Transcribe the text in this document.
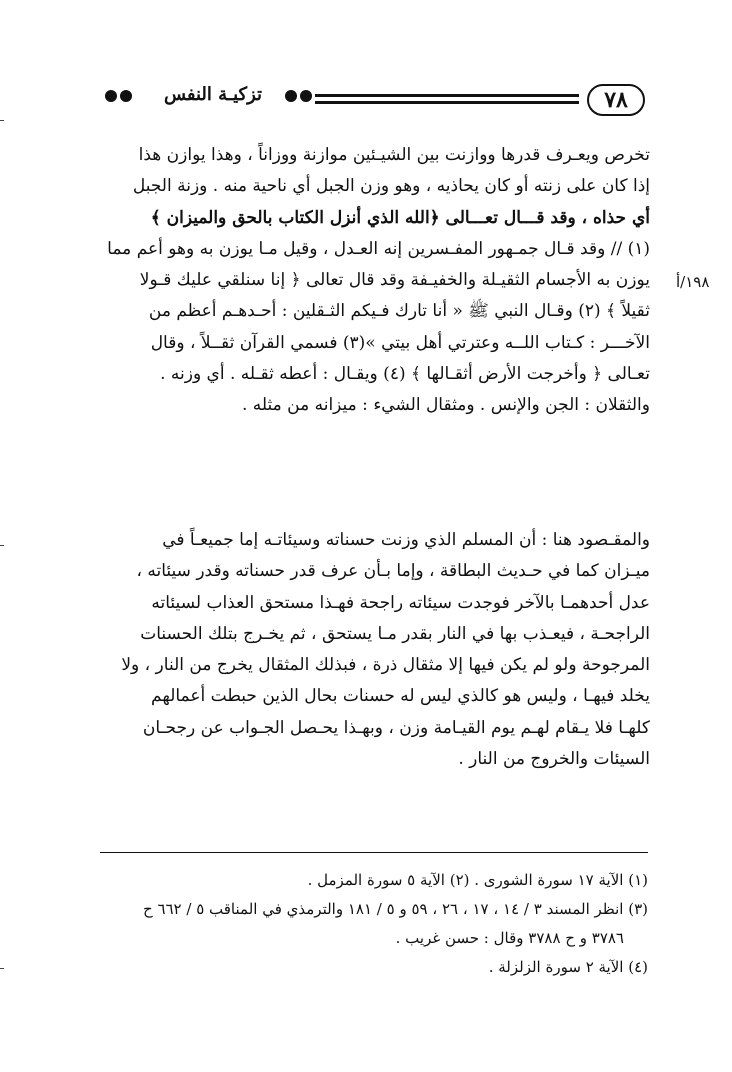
٧٨
تزكيـة النفس
١٩٨/أ
تخرص ويعـرف قدرها ووازنت بين الشيـئين موازنة ووزاناً ، وهذا يوازن هذا
إذا كان على زنته أو كان يحاذيه ، وهو وزن الجبل أي ناحية منه . وزنة الجبل
أي حذاه ، وقد قـــال تعـــالى ﴿الله الذي أنزل الكتاب بالحق والميزان ﴾
(١) // وقد قـال جمـهور المفـسرين إنه العـدل ، وقيل مـا يوزن به وهو أعم مما
يوزن به الأجسام الثقيـلة والخفيـفة وقد قال تعالى ﴿ إنا سنلقي عليك قـولا
ثقيلاً ﴾ (٢) وقـال النبي ﷺ « أنا تارك فـيكم الثـقلين : أحـدهـم أعظم من
الآخـــر : كـتاب اللــه وعترتي أهل بيتي »(٣) فسمي القرآن ثقــلاً ، وقال
تعـالى ﴿ وأخرجت الأرض أثقـالها ﴾ (٤) ويقـال : أعطه ثقـله . أي وزنه .
والثقلان : الجن والإنس . ومثقال الشيء : ميزانه من مثله .
والمقـصود هنا : أن المسلم الذي وزنت حسناته وسيئاتـه إما جميعـاً في
ميـزان كما في حـديث البطاقة ، وإما بـأن عرف قدر حسناته وقدر سيئاته ،
عدل أحدهمـا بالآخر فوجدت سيئاته راجحة فهـذا مستحق العذاب لسيئاته
الراجحـة ، فيعـذب بها في النار بقدر مـا يستحق ، ثم يخـرج بتلك الحسنات
المرجوحة ولو لم يكن فيها إلا مثقال ذرة ، فبذلك المثقال يخرج من النار ، ولا
يخلد فيهـا ، وليس هو كالذي ليس له حسنات بحال الذين حبطت أعمالهم
كلهـا فلا يـقام لهـم يوم القيـامة وزن ، وبهـذا يحـصل الجـواب عن رجحـان
السيئات والخروج من النار .
(١) الآية ١٧ سورة الشورى . (٢) الآية ٥ سورة المزمل .
(٣) انظر المسند ٣ / ١٤ ، ١٧ ، ٢٦ ، ٥٩ و ٥ / ١٨١ والترمذي في المناقب ٥ / ٦٦٢ ح
٣٧٨٦ و ح ٣٧٨٨ وقال : حسن غريب .
(٤) الآية ٢ سورة الزلزلة .
